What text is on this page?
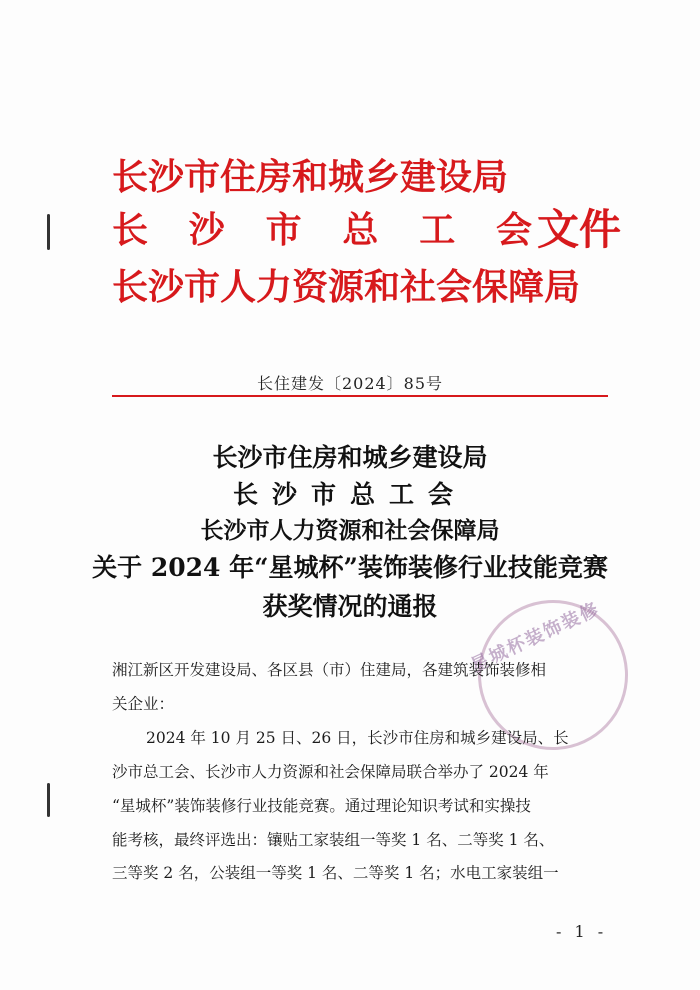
长沙市住房和城乡建设局
长 沙 市 总 工 会 文件
长沙市人力资源和社会保障局
长住建发〔2024〕85号
长沙市住房和城乡建设局
长沙市总工会
长沙市人力资源和社会保障局
关于 2024 年“星城杯”装饰装修行业技能竞赛
获奖情况的通报	星城杯装饰装修
湘江新区开发建设局、各区县（市）住建局，各建筑装饰装修相
关企业：
2024 年 10 月 25 日、26 日，长沙市住房和城乡建设局、长
沙市总工会、长沙市人力资源和社会保障局联合举办了 2024 年
“星城杯”装饰装修行业技能竞赛。通过理论知识考试和实操技
能考核，最终评选出：镶贴工家装组一等奖 1 名、二等奖 1 名、
三等奖 2 名，公装组一等奖 1 名、二等奖 1 名；水电工家装组一
- 1 -
